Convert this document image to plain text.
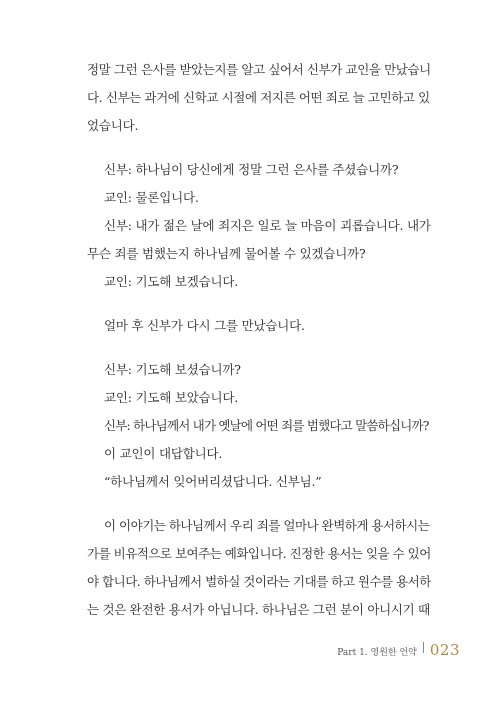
정말 그런 은사를 받았는지를 알고 싶어서 신부가 교인을 만났습니
다. 신부는 과거에 신학교 시절에 저지른 어떤 죄로 늘 고민하고 있
었습니다.
신부: 하나님이 당신에게 정말 그런 은사를 주셨습니까?
교인: 물론입니다.
신부: 내가 젊은 날에 죄지은 일로 늘 마음이 괴롭습니다. 내가
무슨 죄를 범했는지 하나님께 물어볼 수 있겠습니까?
교인: 기도해 보겠습니다.
얼마 후 신부가 다시 그를 만났습니다.
신부: 기도해 보셨습니까?
교인: 기도해 보았습니다.
신부: 하나님께서 내가 옛날에 어떤 죄를 범했다고 말씀하십니까?
이 교인이 대답합니다.
“하나님께서 잊어버리셨답니다. 신부님.”
이 이야기는 하나님께서 우리 죄를 얼마나 완벽하게 용서하시는
가를 비유적으로 보여주는 예화입니다. 진정한 용서는 잊을 수 있어
야 합니다. 하나님께서 벌하실 것이라는 기대를 하고 원수를 용서하
는 것은 완전한 용서가 아닙니다. 하나님은 그런 분이 아니시기 때
Part 1. 영원한 언약 023
